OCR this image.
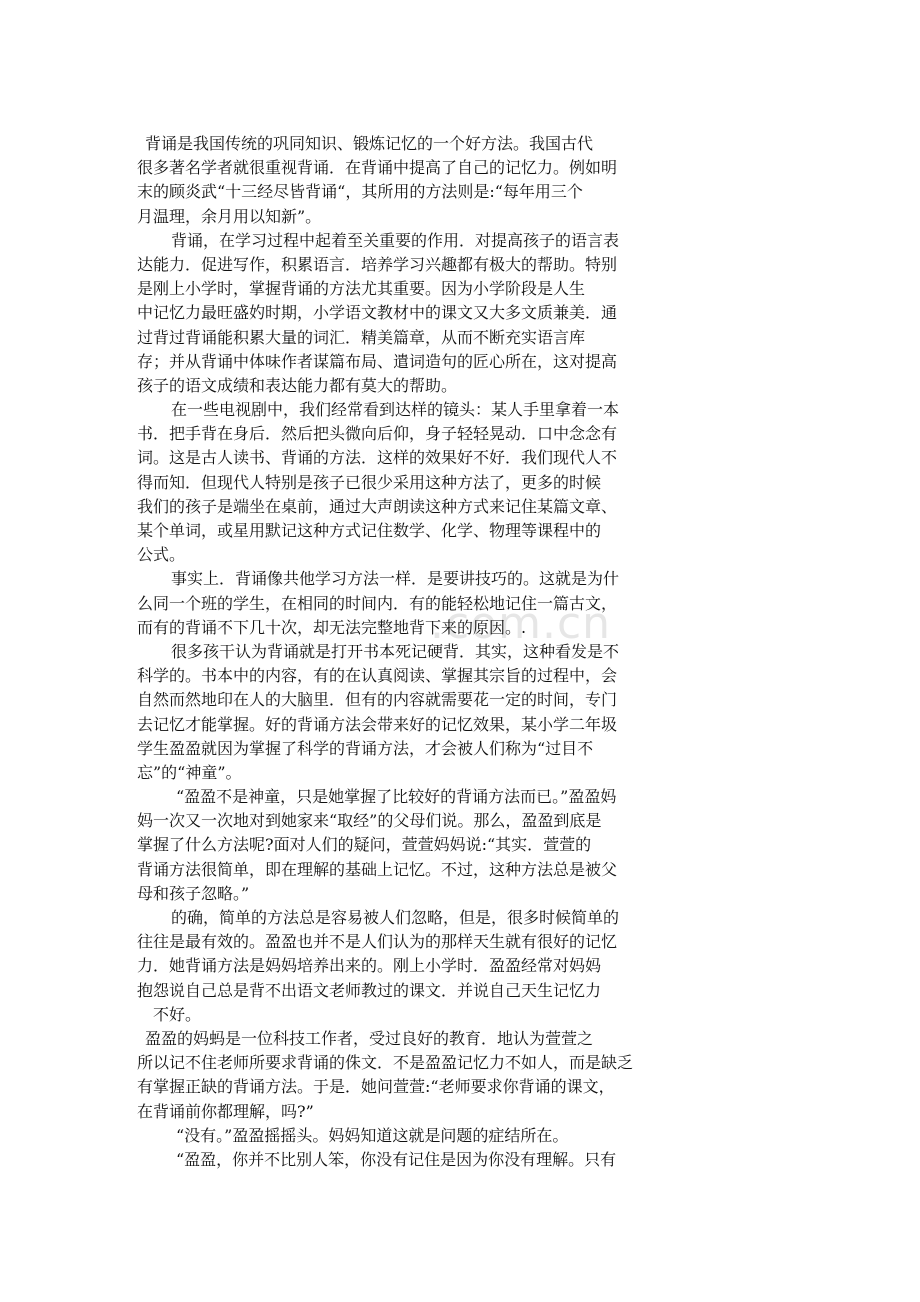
.com.cn
背诵是我国传统的巩同知识、锻炼记忆的一个好方法。我国古代
很多著名学者就很重视背诵．在背诵中提高了自己的记忆力。例如明
末的顾炎武“十三经尽皆背诵“，其所用的方法则是:“每年用三个
月温理，余月用以知新”。
背诵，在学习过程中起着至关重要的作用．对提高孩子的语言表
达能力．促进写作，积累语言．培养学习兴趣都有极大的帮助。特别
是刚上小学时，掌握背诵的方法尤其重要。因为小学阶段是人生
中记忆力最旺盛妁时期，小学语文教材中的课文又大多文质兼美．通
过背过背诵能积累大量的词汇．精美篇章，从而不断充实语言库
存；并从背诵中体味作者谋篇布局、遣词造句的匠心所在，这对提高
孩子的语文成绩和表达能力都有莫大的帮助。
在一些电视剧中，我们经常看到达样的镜头：某人手里拿着一本
书．把手背在身后．然后把头微向后仰，身子轻轻晃动．口中念念有
词。这是古人读书、背诵的方法．这样的效果好不好．我们现代人不
得而知．但现代人特别是孩子已很少采用这种方法了，更多的时候
我们的孩子是端坐在桌前，通过大声朗读这种方式来记住某篇文章、
某个单词，或星用默记这种方式记住数学、化学、物理等课程中的
公式。
事实上．背诵像共他学习方法一样．是要讲技巧的。这就是为什
么同一个班的学生，在相同的时间内．有的能轻松地记住一篇古文，
而有的背诵不下几十次，却无法完整地背下来的原因。.
很多孩干认为背诵就是打开书本死记硬背．其实，这种看发是不
科学的。书本中的内容，有的在认真阅读、掌握其宗旨的过程中，会
自然而然地印在人的大脑里．但有的内容就需要花一定的时间，专门
去记忆才能掌握。好的背诵方法会带来好的记忆效果，某小学二年圾
学生盈盈就因为掌握了科学的背诵方法，才会被人们称为“过目不
忘”的“神童”。
“盈盈不是神童，只是她掌握了比较好的背诵方法而已。”盈盈妈
妈一次又一次地对到她家来“取经”的父母们说。那么，盈盈到底是
掌握了什么方法呢?面对人们的疑问，萱萱妈妈说:“其实．萱萱的
背诵方法很简单，即在理解的基础上记忆。不过，这种方法总是被父
母和孩子忽略。”
的确，简单的方法总是容易被人们忽略，但是，很多时候简单的
往往是最有效的。盈盈也并不是人们认为的那样天生就有很好的记忆
力．她背诵方法是妈妈培养出来的。刚上小学时．盈盈经常对妈妈
抱怨说自己总是背不出语文老师教过的课文．并说自己天生记忆力
不好。
盈盈的妈蚂是一位科技工作者，受过良好的教育．地认为萱萱之
所以记不住老师所要求背诵的侏文．不是盈盈记忆力不如人，而是缺乏
有掌握正缺的背诵方法。于是．她问萱萱:“老师要求你背诵的课文，
在背诵前你都理解，吗?”
“没有。”盈盈摇摇头。妈妈知道这就是问题的症结所在。
“盈盈，你并不比别人笨，你没有记住是因为你没有理解。只有
